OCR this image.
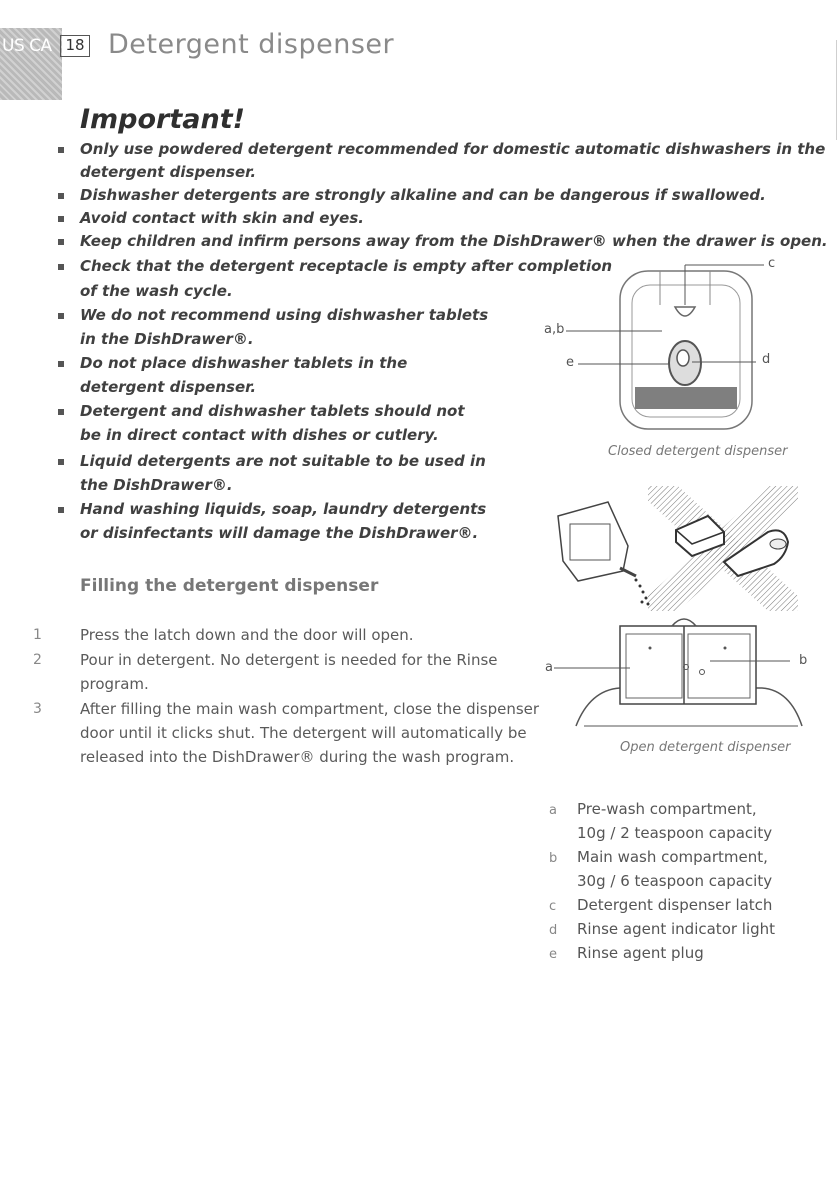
US CA 18 Detergent dispenser
Important!
Only use powdered detergent recommended for domestic automatic dishwashers in the
detergent dispenser.
Dishwasher detergents are strongly alkaline and can be dangerous if swallowed.
Avoid contact with skin and eyes.
Keep children and infirm persons away from the DishDrawer® when the drawer is open.
Check that the detergent receptacle is empty after completion
of the wash cycle.
We do not recommend using dishwasher tablets
in the DishDrawer®.
Do not place dishwasher tablets in the
detergent dispenser.
Detergent and dishwasher tablets should not
be in direct contact with dishes or cutlery.
Liquid detergents are not suitable to be used in
the DishDrawer®.
Hand washing liquids, soap, laundry detergents
or disinfectants will damage the DishDrawer®.
Filling the detergent dispenser
1	Press the latch down and the door will open.
2	Pour in detergent. No detergent is needed for the Rinse
program.
3	After filling the main wash compartment, close the dispenser
door until it clicks shut. The detergent will automatically be
released into the DishDrawer® during the wash program.
c
a,b
e	d
Closed detergent dispenser
a	b
Open detergent dispenser
a Pre-wash compartment,
10g / 2 teaspoon capacity
b Main wash compartment,
30g / 6 teaspoon capacity
c Detergent dispenser latch
d Rinse agent indicator light
e Rinse agent plug
